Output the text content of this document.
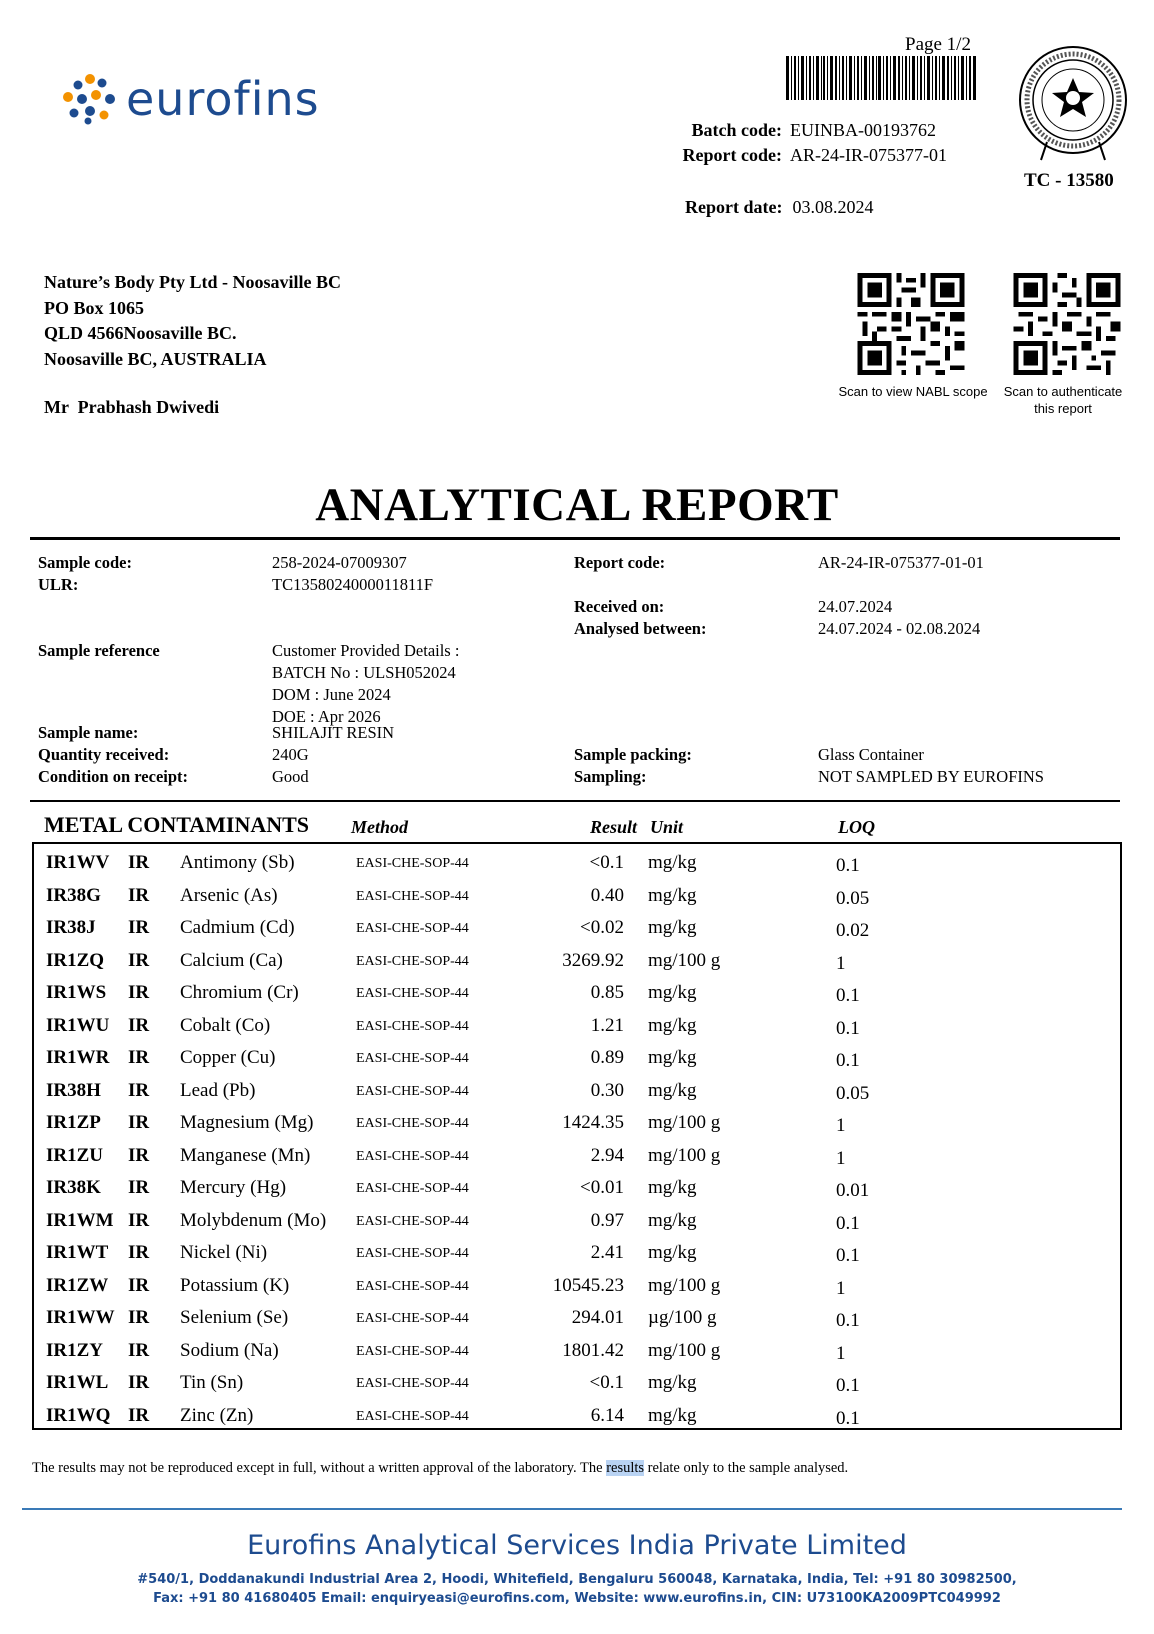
eurofins
Page 1/2
Batch code: EUINBA-00193762
Report code: AR-24-IR-075377-01
TC - 13580
Report date: 03.08.2024
Nature’s Body Pty Ltd - Noosaville BC
PO Box 1065
QLD 4566Noosaville BC.
Noosaville BC, AUSTRALIA
Mr  Prabhash Dwivedi
Scan to view NABL scope	Scan to authenticate
this report
ANALYTICAL REPORT
Sample code:	258-2024-07009307
ULR:	TC1358024000011811F
Report code:	AR-24-IR-075377-01-01
Received on:	24.07.2024
Analysed between:	24.07.2024 - 02.08.2024
Sample reference	Customer Provided Details :
BATCH No : ULSH052024
DOM : June 2024
DOE : Apr 2026
Sample name:	SHILAJIT RESIN
Quantity received:	240G
Condition on receipt:	Good
Sample packing:	Glass Container
Sampling:	NOT SAMPLED BY EUROFINS
METAL CONTAMINANTS Method	Result Unit	LOQ
IR1WV IR Antimony (Sb)	EASI-CHE-SOP-44	<0.1 mg/kg	0.1
IR38G IR Arsenic (As)	EASI-CHE-SOP-44	0.40 mg/kg	0.05
IR38J IR Cadmium (Cd)	EASI-CHE-SOP-44	<0.02 mg/kg	0.02
IR1ZQ IR Calcium (Ca)	EASI-CHE-SOP-44	3269.92 mg/100 g	1
IR1WS IR Chromium (Cr)	EASI-CHE-SOP-44	0.85 mg/kg	0.1
IR1WU IR Cobalt (Co)	EASI-CHE-SOP-44	1.21 mg/kg	0.1
IR1WR IR Copper (Cu)	EASI-CHE-SOP-44	0.89 mg/kg	0.1
IR38H IR Lead (Pb)	EASI-CHE-SOP-44	0.30 mg/kg	0.05
IR1ZP IR Magnesium (Mg)	EASI-CHE-SOP-44	1424.35 mg/100 g	1
IR1ZU IR Manganese (Mn)	EASI-CHE-SOP-44	2.94 mg/100 g	1
IR38K IR Mercury (Hg)	EASI-CHE-SOP-44	<0.01 mg/kg	0.01
IR1WM IR Molybdenum (Mo) EASI-CHE-SOP-44	0.97 mg/kg	0.1
IR1WT IR Nickel (Ni)	EASI-CHE-SOP-44	2.41 mg/kg	0.1
IR1ZW IR Potassium (K)	EASI-CHE-SOP-44	10545.23 mg/100 g	1
IR1WW IR Selenium (Se)	EASI-CHE-SOP-44	294.01 µg/100 g	0.1
IR1ZY IR Sodium (Na)	EASI-CHE-SOP-44	1801.42 mg/100 g	1
IR1WL IR Tin (Sn)	EASI-CHE-SOP-44	<0.1 mg/kg	0.1
IR1WQ IR Zinc (Zn)	EASI-CHE-SOP-44	6.14 mg/kg	0.1
The results may not be reproduced except in full, without a written approval of the laboratory. The results relate only to the sample analysed.
Eurofins Analytical Services India Private Limited
#540/1, Doddanakundi Industrial Area 2, Hoodi, Whitefield, Bengaluru 560048, Karnataka, India, Tel: +91 80 30982500,
Fax: +91 80 41680405 Email: enquiryeasi@eurofins.com, Website: www.eurofins.in, CIN: U73100KA2009PTC049992
